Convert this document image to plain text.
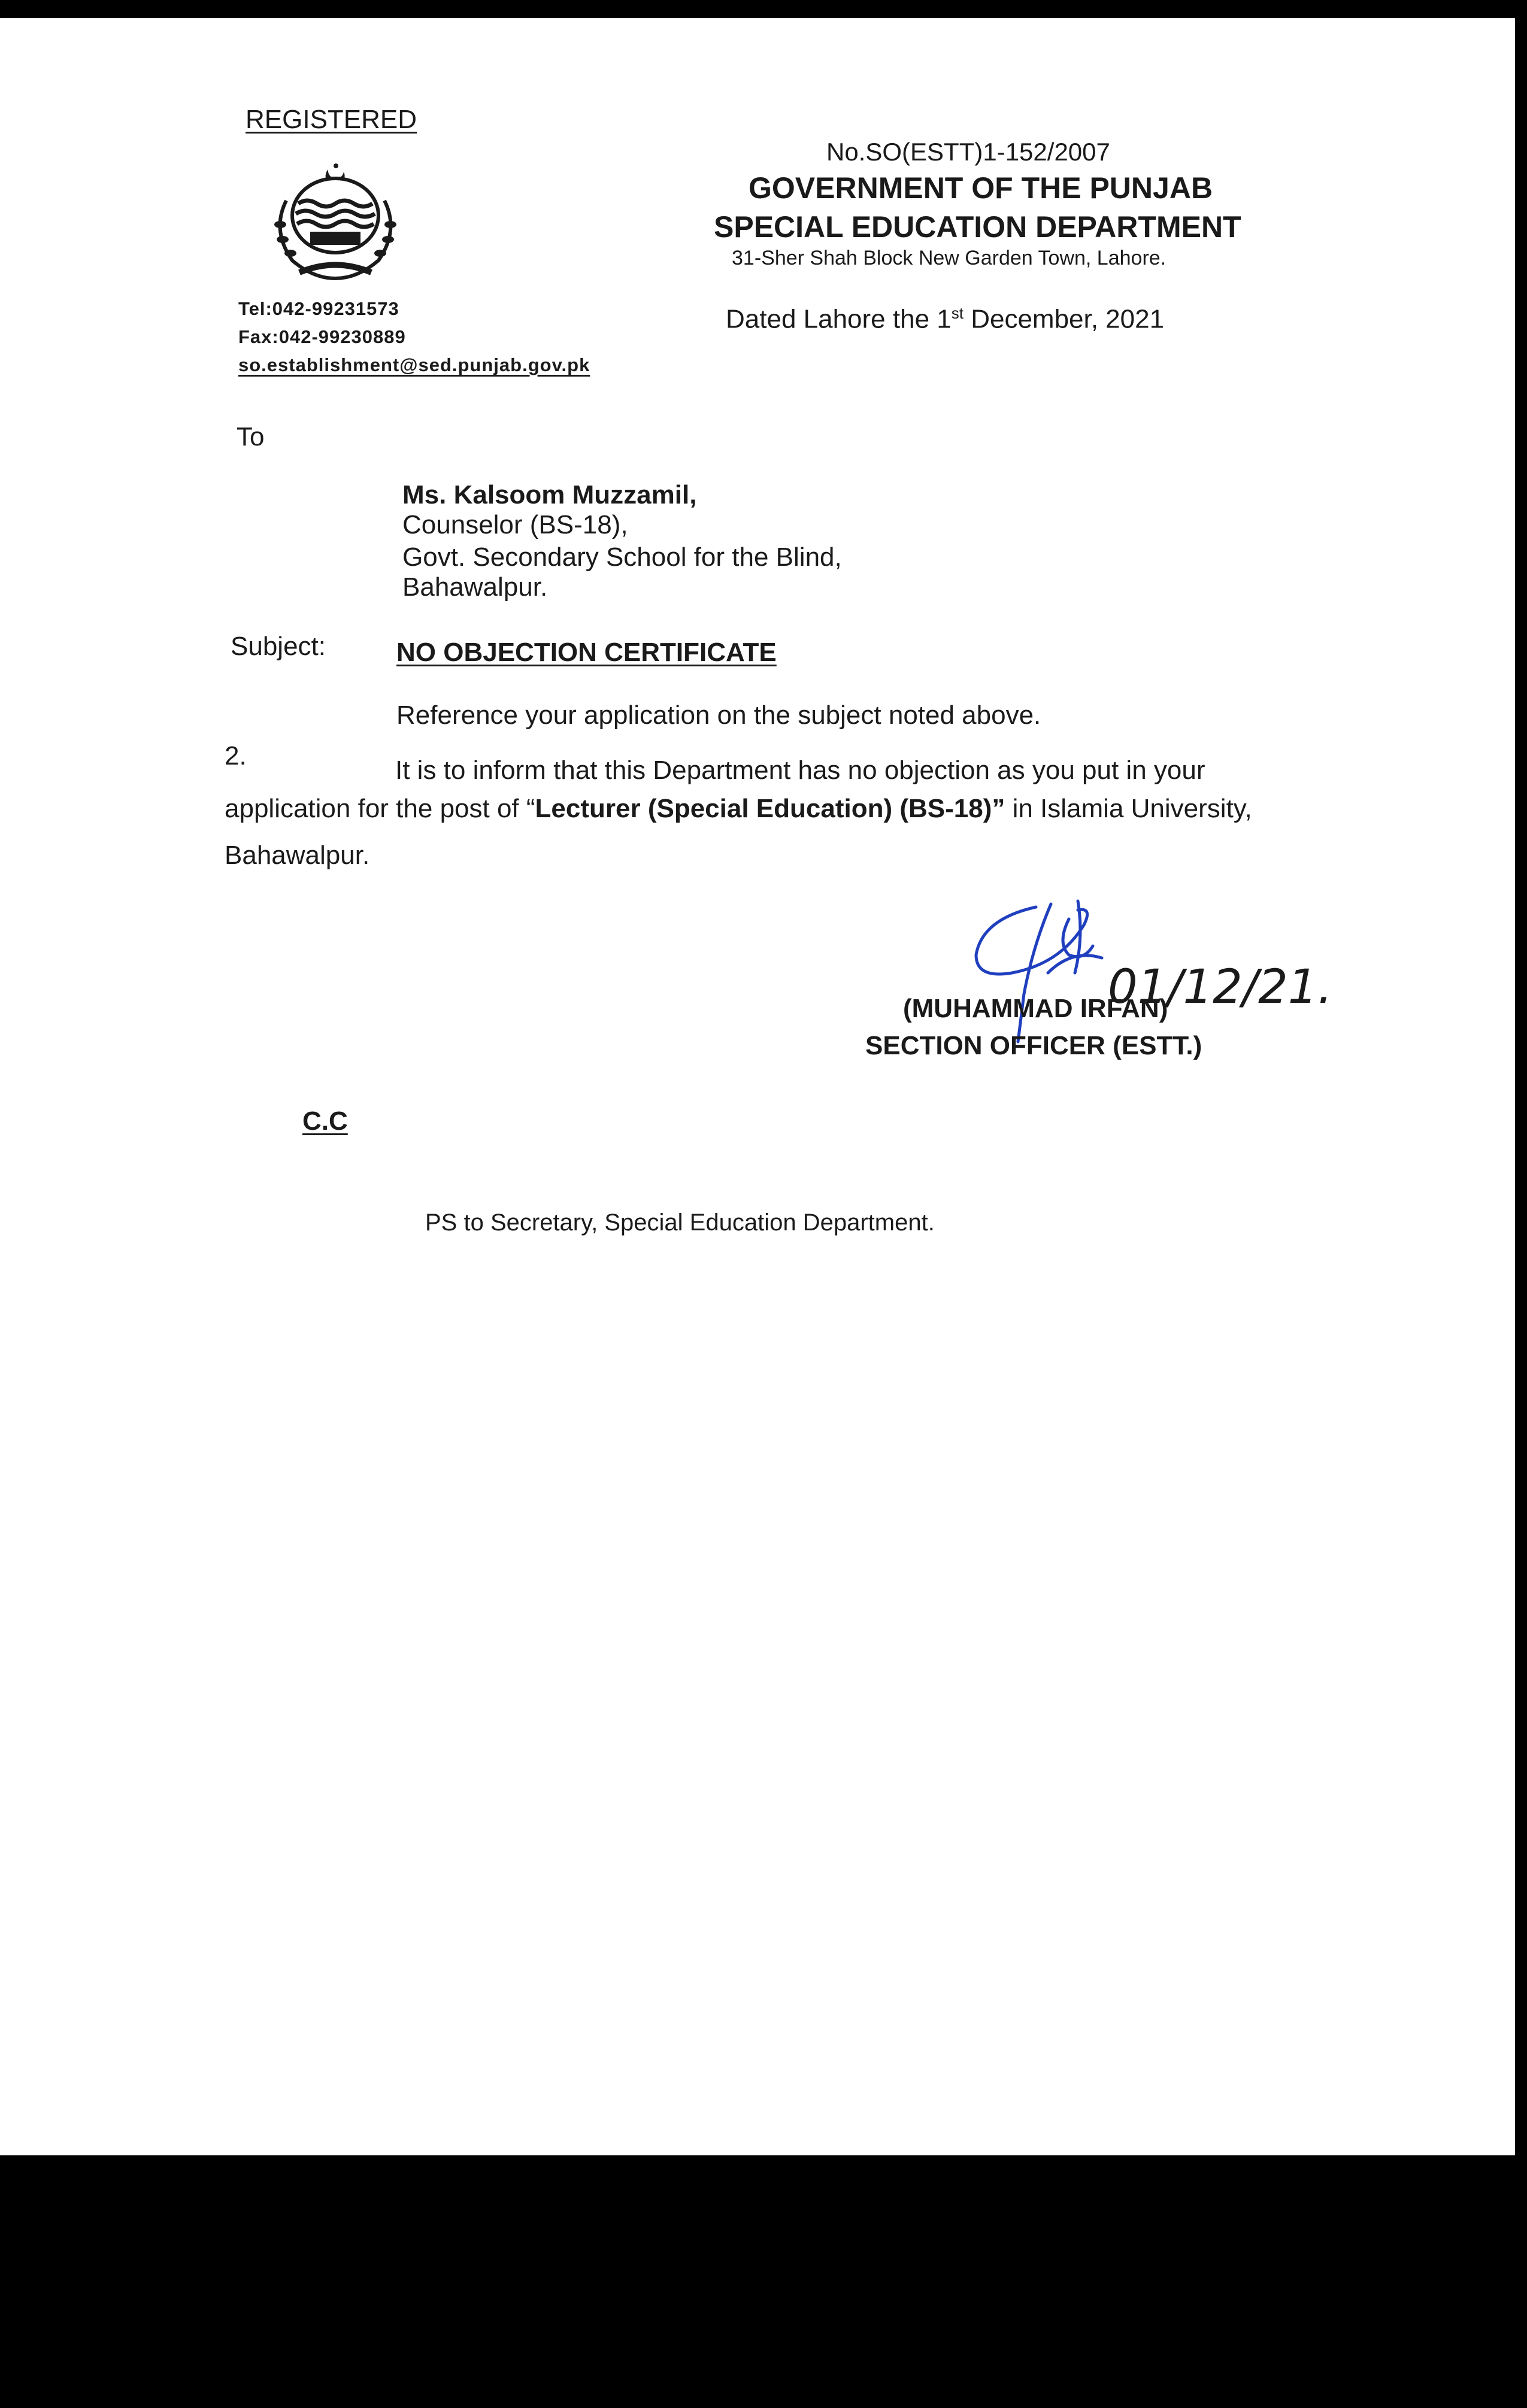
REGISTERED
Tel:042-99231573
Fax:042-99230889
so.establishment@sed.punjab.gov.pk
No.SO(ESTT)1-152/2007
GOVERNMENT OF THE PUNJAB
SPECIAL EDUCATION DEPARTMENT
31-Sher Shah Block New Garden Town, Lahore.
Dated Lahore the 1st December, 2021
To
Ms. Kalsoom Muzzamil,
Counselor (BS-18),
Govt. Secondary School for the Blind,
Bahawalpur.
Subject:	NO OBJECTION CERTIFICATE
Reference your application on the subject noted above.
2.	It is to inform that this Department has no objection as you put in your
application for the post of “Lecturer (Special Education) (BS-18)” in Islamia University,
Bahawalpur.
01/12/21.
(MUHAMMAD IRFAN)
SECTION OFFICER (ESTT.)
C.C
PS to Secretary, Special Education Department.
